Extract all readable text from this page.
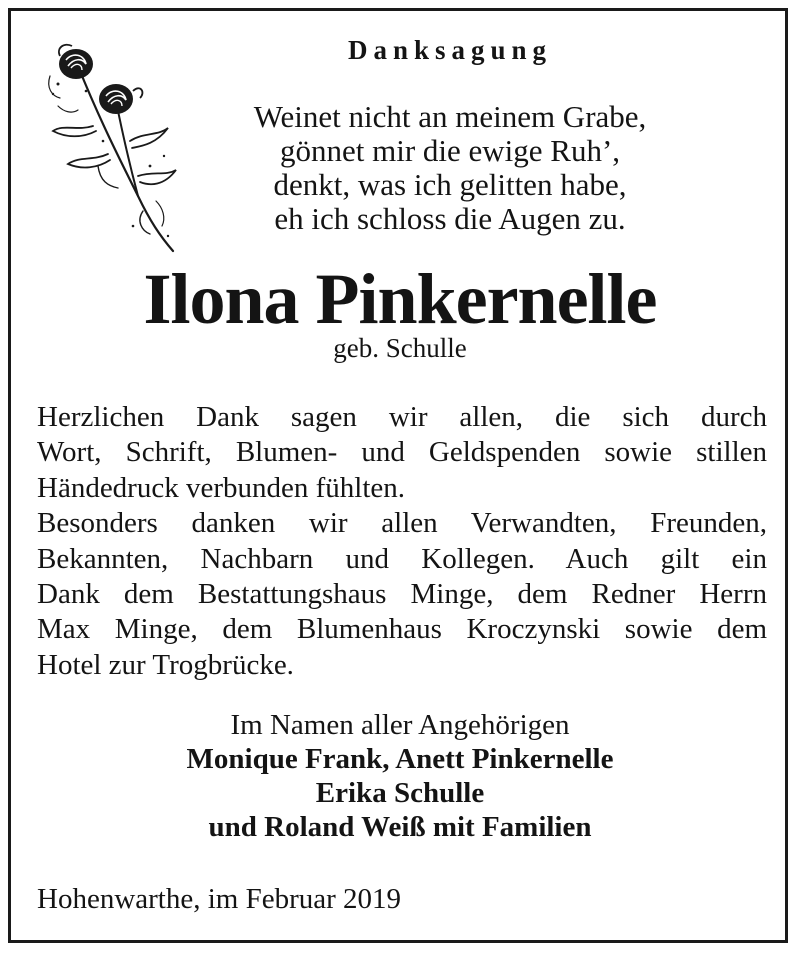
Danksagung
Weinet nicht an meinem Grabe,
gönnet mir die ewige Ruh’,
denkt, was ich gelitten habe,
eh ich schloss die Augen zu.
Ilona Pinkernelle
geb. Schulle
Herzlichen Dank sagen wir allen, die sich durch
Wort, Schrift, Blumen- und Geldspenden sowie stillen
Händedruck verbunden fühlten.
Besonders danken wir allen Verwandten, Freunden,
Bekannten, Nachbarn und Kollegen. Auch gilt ein
Dank dem Bestattungshaus Minge, dem Redner Herrn
Max Minge, dem Blumenhaus Kroczynski sowie dem
Hotel zur Trogbrücke.
Im Namen aller Angehörigen
Monique Frank, Anett Pinkernelle
Erika Schulle
und Roland Weiß mit Familien
Hohenwarthe, im Februar 2019
